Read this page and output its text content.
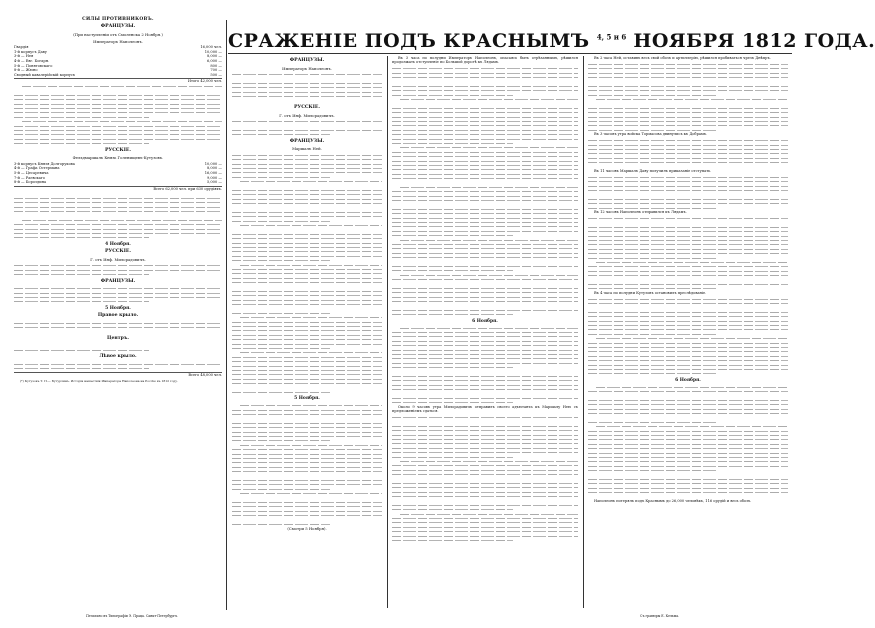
СРАЖЕНІЕ ПОДЪ КРАСНЫМЪ $^{4, 5 и 6}$ НОЯБРЯ 1812 ГОДА.
СИЛЫ ПРОТИВНИКОВЪ.

ФРАНЦУЗЫ.

(При наступленіи отъ Смоленска 2 Ноября.)

Императоръ Наполеонъ.

Гвардія	16,000 чел.
1-й корпусъ Даву	10,000 —
3-й — Нея	8,000 —
4-й — Евг. Богарн.	6,000 —
5-й — Понятовскаго	800 —
8-й — Жюно	700 —
Сводный кавалерійскій корпусъ	500 —
Итого 42,000 чел.

РУССКІЕ.

Фельдмаршалъ Князь Голенищевъ-Кутузовъ.

3-й корпусъ Князя Долгорукова	10,000 —
4-й — Графа Остермана	8,000 —
5-й — Цесаревича	16,000 —
7-й — Раевскаго	9,000 —
8-й — Бороздина	5,000 —
Всего 62,000 чел. при 630 орудіяхъ.

4 Ноября.

РУССКІЕ.

Г. отъ Инф. Милорадовичъ.

ФРАНЦУЗЫ.

5 Ноября.

Правое крыло.

Центръ.

Лѣвое крыло.

Всего 48,000 чел.

(*) Кутузовъ Т. П.— Бутурлинъ. Исторія нашествія Императора Наполеона на Россію въ 1812 году.

ФРАНЦУЗЫ.

Императоръ Наполеонъ.

РУССКІЕ.

Г. отъ Инф. Милорадовичъ.

ФРАНЦУЗЫ.

Маршалъ Ней.

5 Ноября.

(Смотри 5 Ноября).

Въ 3 часа по полудни Императоръ Наполеонъ, опасаясь быть отрѣзаннымъ, рѣшился продолжать отступленіе по Большой дорогѣ къ Лядамъ.

6 Ноября.

Около 9 часовъ утра Милорадовичъ отправилъ своего адъютанта къ Маршалу Нею съ предложеніемъ сдаться.

Въ 2 часа Ней, оставивъ весь свой обозъ и артиллерію, рѣшился пробиваться чрезъ Днѣпръ.

Въ 3 часовъ утра войска Тормасова двинулись къ Добрамъ.

Въ 11 часовъ Маршалъ Даву получилъ приказаніе отступать.

Въ 12 часовъ Наполеонъ отправился къ Лядамъ.

Въ 4 часа по полудни Кутузовъ остановилъ преслѣдованіе.

6 Ноября.

Наполеонъ потерялъ подъ Краснымъ до 26,000 человѣкъ, 116 орудій и весь обозъ.

Печатано въ Типографіи Э. Праца. Санкт-Петербургъ.	Съ гравюры Е. Кельма.
